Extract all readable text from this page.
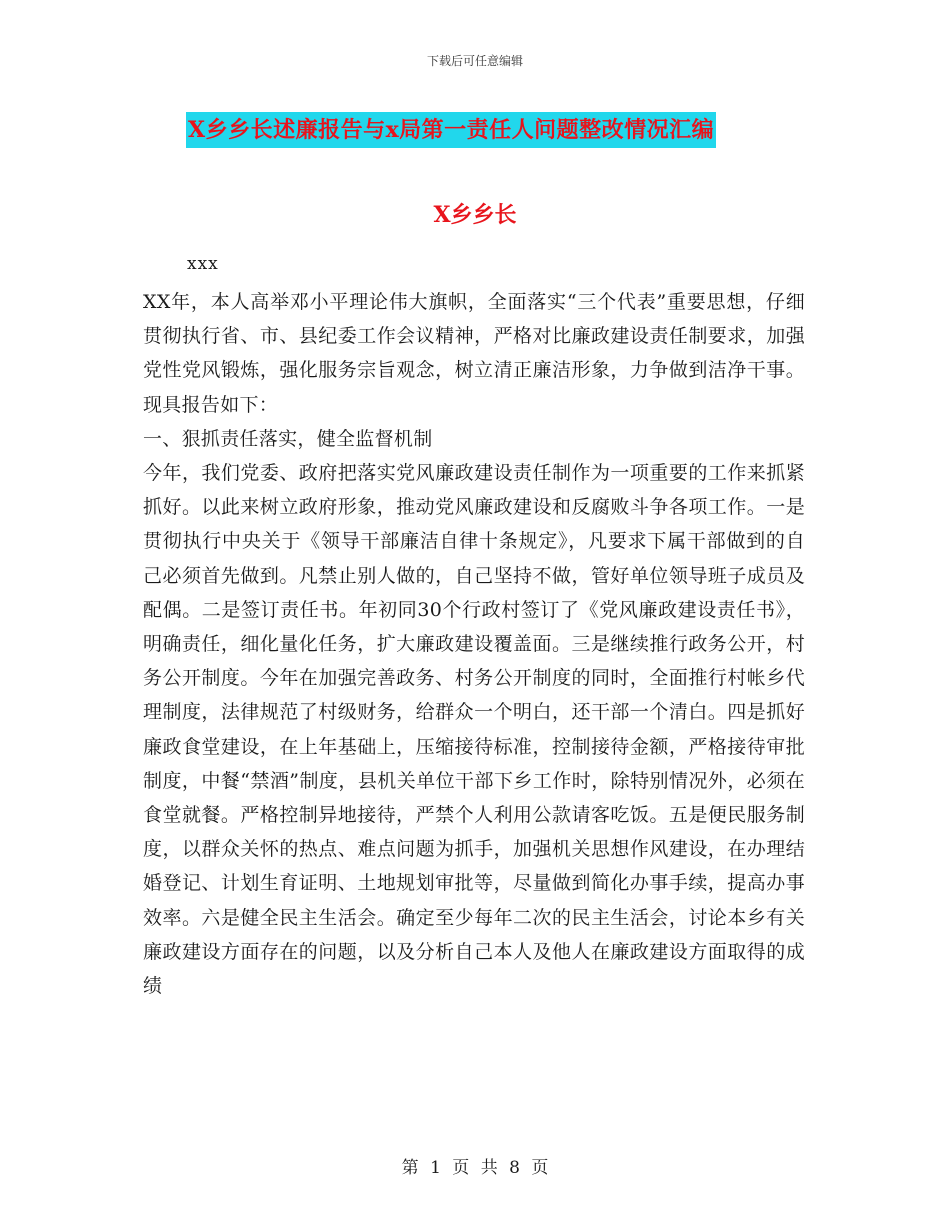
下载后可任意编辑
X乡乡长述廉报告与x局第一责任人问题整改情况汇编
X乡乡长
xxx

XX年，本人高举邓小平理论伟大旗帜，全面落实“三个代表”重要思想，仔细贯彻执行省、市、县纪委工作会议精神，严格对比廉政建设责任制要求，加强党性党风锻炼，强化服务宗旨观念，树立清正廉洁形象，力争做到洁净干事。现具报告如下：

一、狠抓责任落实，健全监督机制

今年，我们党委、政府把落实党风廉政建设责任制作为一项重要的工作来抓紧抓好。以此来树立政府形象，推动党风廉政建设和反腐败斗争各项工作。一是贯彻执行中央关于《领导干部廉洁自律十条规定》，凡要求下属干部做到的自己必须首先做到。凡禁止别人做的，自己坚持不做，管好单位领导班子成员及配偶。二是签订责任书。年初同30个行政村签订了《党风廉政建设责任书》，明确责任，细化量化任务，扩大廉政建设覆盖面。三是继续推行政务公开，村务公开制度。今年在加强完善政务、村务公开制度的同时，全面推行村帐乡代理制度，法律规范了村级财务，给群众一个明白，还干部一个清白。四是抓好廉政食堂建设，在上年基础上，压缩接待标准，控制接待金额，严格接待审批制度，中餐“禁酒”制度，县机关单位干部下乡工作时，除特别情况外，必须在食堂就餐。严格控制异地接待，严禁个人利用公款请客吃饭。五是便民服务制度，以群众关怀的热点、难点问题为抓手，加强机关思想作风建设，在办理结婚登记、计划生育证明、土地规划审批等，尽量做到简化办事手续，提高办事效率。六是健全民主生活会。确定至少每年二次的民主生活会，讨论本乡有关廉政建设方面存在的问题，以及分析自己本人及他人在廉政建设方面取得的成绩

第 1 页 共 8 页
